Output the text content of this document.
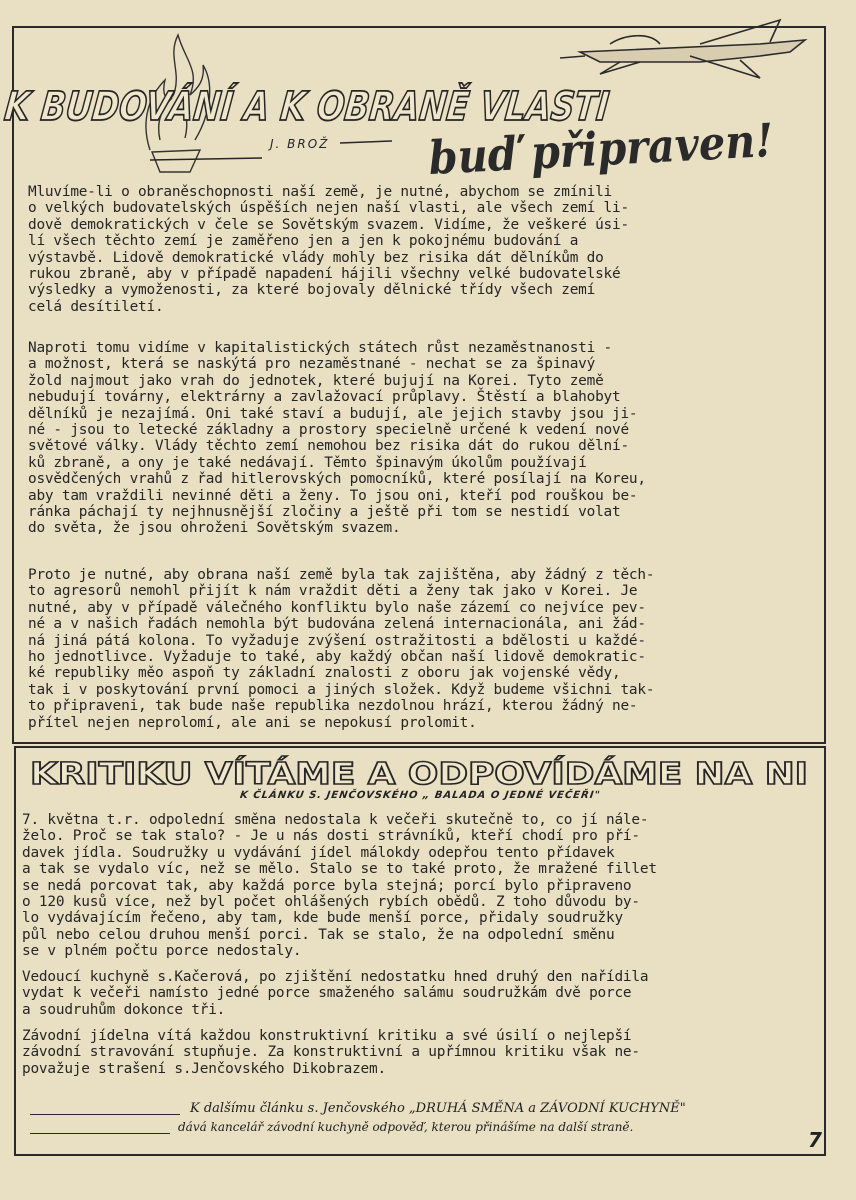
K BUDOVÁNÍ A K OBRANĚ VLASTI
J. BROŽ buď připraven!
Mluvíme-li o obraněschopnosti naší země, je nutné, abychom se zmínili
o velkých budovatelských úspěších nejen naší vlasti, ale všech zemí li-
dově demokratických v čele se Sovětským svazem. Vidíme, že veškeré úsi-
lí všech těchto zemí je zaměřeno jen a jen k pokojnému budování a
výstavbě. Lidově demokratické vlády mohly bez risika dát dělníkům do
rukou zbraně, aby v případě napadení hájili všechny velké budovatelské
výsledky a vymoženosti, za které bojovaly dělnické třídy všech zemí
celá desítiletí.
Naproti tomu vidíme v kapitalistických státech růst nezaměstnanosti -
a možnost, která se naskýtá pro nezaměstnané - nechat se za špinavý
žold najmout jako vrah do jednotek, které bujují na Korei. Tyto země
nebudují továrny, elektrárny a zavlažovací průplavy. Štěstí a blahobyt
dělníků je nezajímá. Oni také staví a budují, ale jejich stavby jsou ji-
né - jsou to letecké základny a prostory specielně určené k vedení nové
světové války. Vlády těchto zemí nemohou bez risika dát do rukou dělní-
ků zbraně, a ony je také nedávají. Těmto špinavým úkolům používají
osvědčených vrahů z řad hitlerovských pomocníků, které posílají na Koreu,
aby tam vraždili nevinné děti a ženy. To jsou oni, kteří pod rouškou be-
ránka páchají ty nejhnusnější zločiny a ještě při tom se nestidí volat
do světa, že jsou ohroženi Sovětským svazem.
Proto je nutné, aby obrana naší země byla tak zajištěna, aby žádný z těch-
to agresorů nemohl přijít k nám vraždit děti a ženy tak jako v Korei. Je
nutné, aby v případě válečného konfliktu bylo naše zázemí co nejvíce pev-
né a v našich řadách nemohla být budována zelená internacionála, ani žád-
ná jiná pátá kolona. To vyžaduje zvýšení ostražitosti a bdělosti u každé-
ho jednotlivce. Vyžaduje to také, aby každý občan naší lidově demokratic-
ké republiky měo aspoň ty základní znalosti z oboru jak vojenské vědy,
tak i v poskytování první pomoci a jiných složek. Když budeme všichni tak-
to připraveni, tak bude naše republika nezdolnou hrází, kterou žádný ne-
přítel nejen neprolomí, ale ani se nepokusí prolomit.
KRITIKU VÍTÁME A ODPOVÍDÁME NA NI
K ČLÁNKU S. JENČOVSKÉHO „ BALADA O JEDNÉ VEČEŘI"
7. května t.r. odpolední směna nedostala k večeři skutečně to, co jí nále-
želo. Proč se tak stalo? - Je u nás dosti strávníků, kteří chodí pro pří-
davek jídla. Soudružky u vydávání jídel málokdy odepřou tento přídavek
a tak se vydalo víc, než se mělo. Stalo se to také proto, že mražené fillet
se nedá porcovat tak, aby každá porce byla stejná; porcí bylo připraveno
o 120 kusů více, než byl počet ohlášených rybích obědů. Z toho důvodu by-
lo vydávajícím řečeno, aby tam, kde bude menší porce, přidaly soudružky
půl nebo celou druhou menší porci. Tak se stalo, že na odpolední směnu
se v plném počtu porce nedostaly.
Vedoucí kuchyně s.Kačerová, po zjištění nedostatku hned druhý den nařídila
vydat k večeři namísto jedné porce smaženého salámu soudružkám dvě porce
a soudruhům dokonce tři.
Závodní jídelna vítá každou konstruktivní kritiku a své úsilí o nejlepší
závodní stravování stupňuje. Za konstruktivní a upřímnou kritiku však ne-
považuje strašení s.Jenčovského Dikobrazem.
K dalšímu článku s. Jenčovského „DRUHÁ SMĚNA a ZÁVODNÍ KUCHYNĚ"
dává kancelář závodní kuchyně odpověď, kterou přinášíme na další straně.
7
